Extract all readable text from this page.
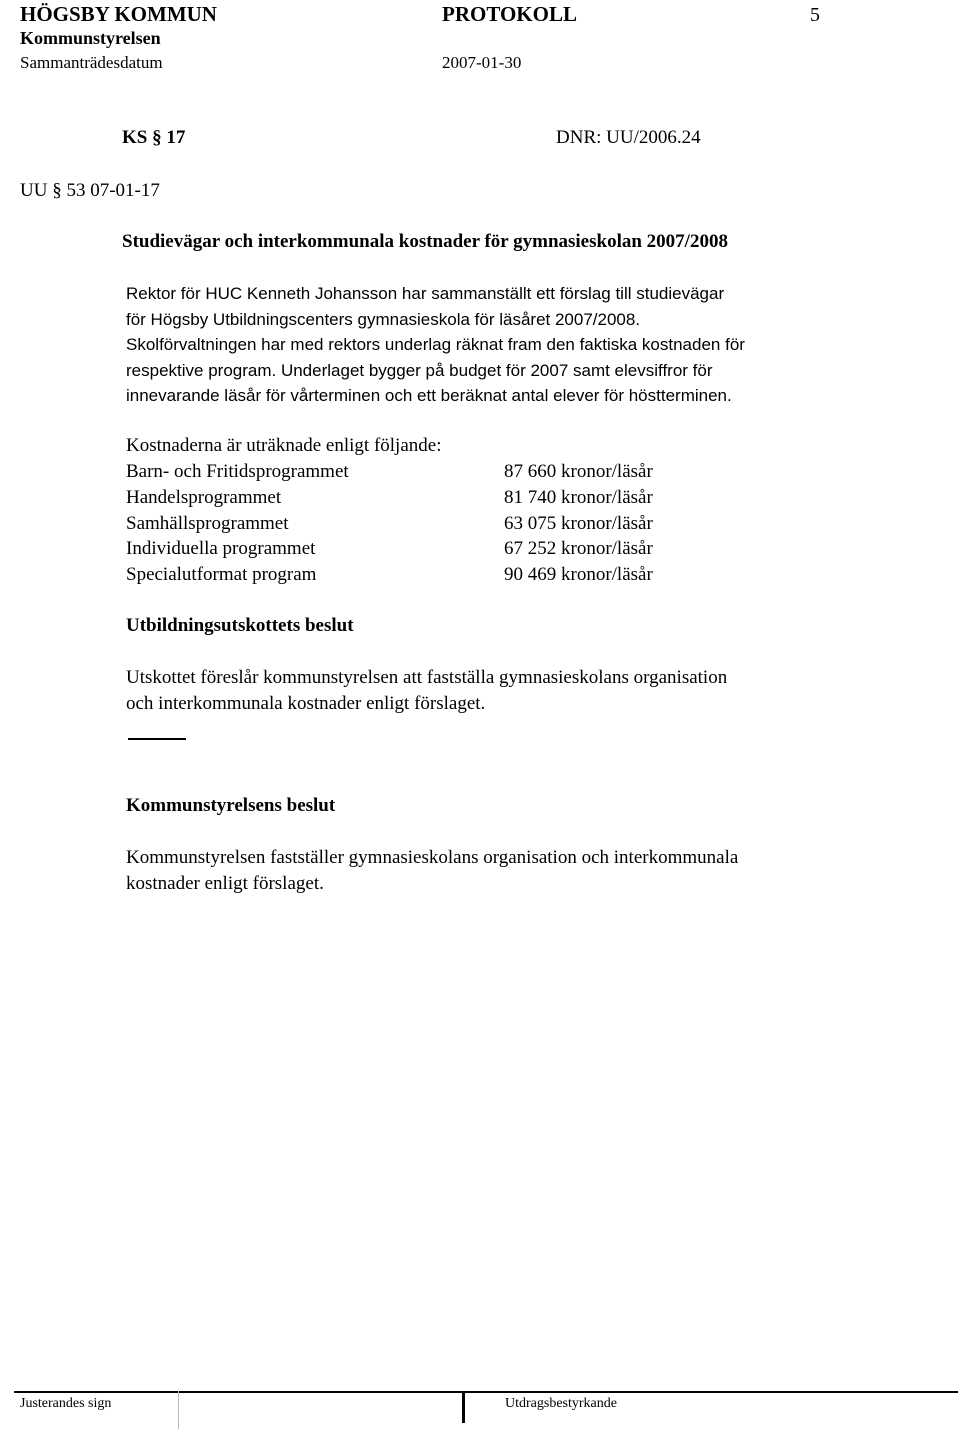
HÖGSBY KOMMUN	PROTOKOLL	5
Kommunstyrelsen
Sammanträdesdatum	2007-01-30
KS § 17	DNR: UU/2006.24
UU § 53 07-01-17
Studievägar och interkommunala kostnader för gymnasieskolan 2007/2008
Rektor för HUC Kenneth Johansson har sammanställt ett förslag till studievägar
för Högsby Utbildningscenters gymnasieskola för läsåret 2007/2008.
Skolförvaltningen har med rektors underlag räknat fram den faktiska kostnaden för
respektive program. Underlaget bygger på budget för 2007 samt elevsiffror för
innevarande läsår för vårterminen och ett beräknat antal elever för höstterminen.
Kostnaderna är uträknade enligt följande:
Barn- och Fritidsprogrammet	87 660 kronor/läsår
Handelsprogrammet	81 740 kronor/läsår
Samhällsprogrammet	63 075 kronor/läsår
Individuella programmet	67 252 kronor/läsår
Specialutformat program	90 469 kronor/läsår
Utbildningsutskottets beslut
Utskottet föreslår kommunstyrelsen att fastställa gymnasieskolans organisation
och interkommunala kostnader enligt förslaget.
Kommunstyrelsens beslut
Kommunstyrelsen fastställer gymnasieskolans organisation och interkommunala
kostnader enligt förslaget.
Justerandes sign	Utdragsbestyrkande
